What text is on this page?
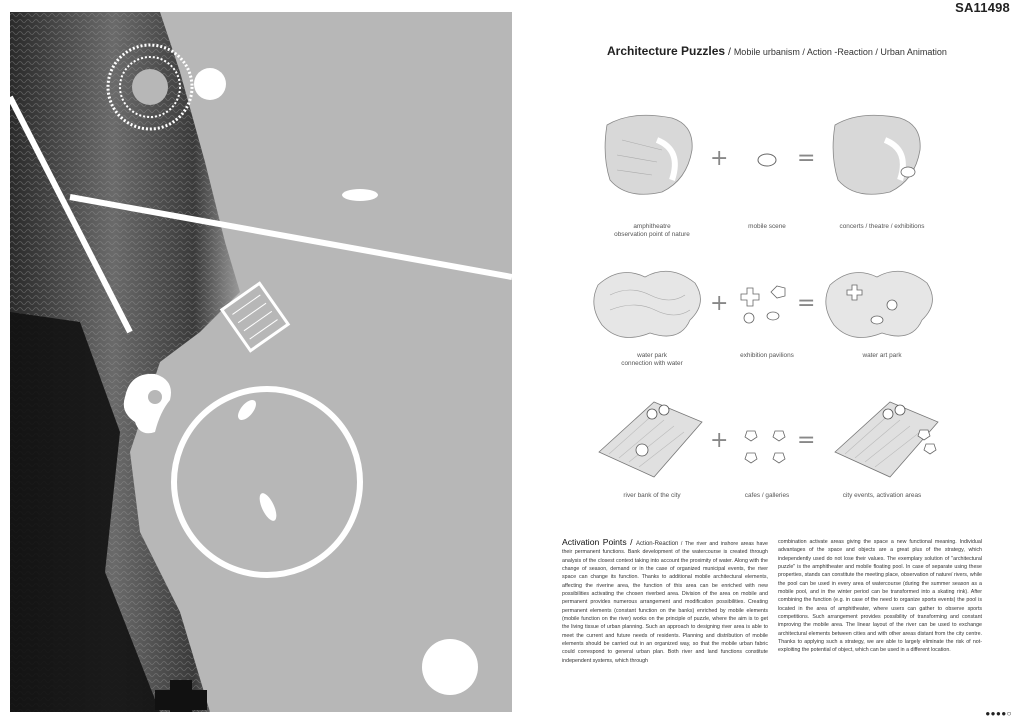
SA11498
Architecture Puzzles / Mobile urbanism / Action -Reaction / Urban Animation
+	=
amphitheatre
observation point of nature
mobile scene	concerts / theatre / exhibitions
+	=
water park
connection with water
exhibition pavilions	water art park
+	=
river bank of the city	cafes / galleries	city events, activation areas
Activation Points / Action-Reaction / The river and inshore areas have their permanent functions. Bank development of the watercourse is created through analysis of the closest context taking into account the proximity of water. Along with the change of season, demand or in the case of organized municipal events, the river space can change its function. Thanks to additional mobile architectural elements, affecting the riverine area, the function of this area can be enriched with new possibilities activating the chosen riverbed area. Division of the area on mobile and permanent provides numerous arrangement and modification possibilities. Creating permanent elements (constant function on the banks) enriched by mobile elements (mobile function on the river) works on the principle of puzzle, where the aim is to get the living tissue of urban planning. Such an approach to designing river area is able to meet the current and future needs of residents. Planning and distribution of mobile elements should be carried out in an organized way, so that the mobile urban fabric could correspond to general urban plan. Both river and land functions constitute independent systems, which through
combination activate areas giving the space a new functional meaning. Individual advantages of the space and objects are a great plus of the strategy, which independently used do not lose their values. The exemplary solution of "architectural puzzle" is the amphitheater and mobile floating pool. In case of separate using these properties, stands can constitute the meeting place, observation of nature/ rivers, while the pool can be used in every area of watercourse (during the summer season as a mobile pool, and in the winter period can be transformed into a skating rink). After combining the function (e.g. in case of the need to organize sports events) the pool is located in the area of amphitheater, where users can gather to observe sports competitions. Such arrangement provides possibility of transforming and constant improving the mobile area. The linear layout of the river can be used to exchange architectural elements between cities and with other areas distant from the city centre. Thanks to applying such a strategy, we are able to largely eliminate the risk of not-exploiting the potential of object, which can be used in a different location.
●●●●○
